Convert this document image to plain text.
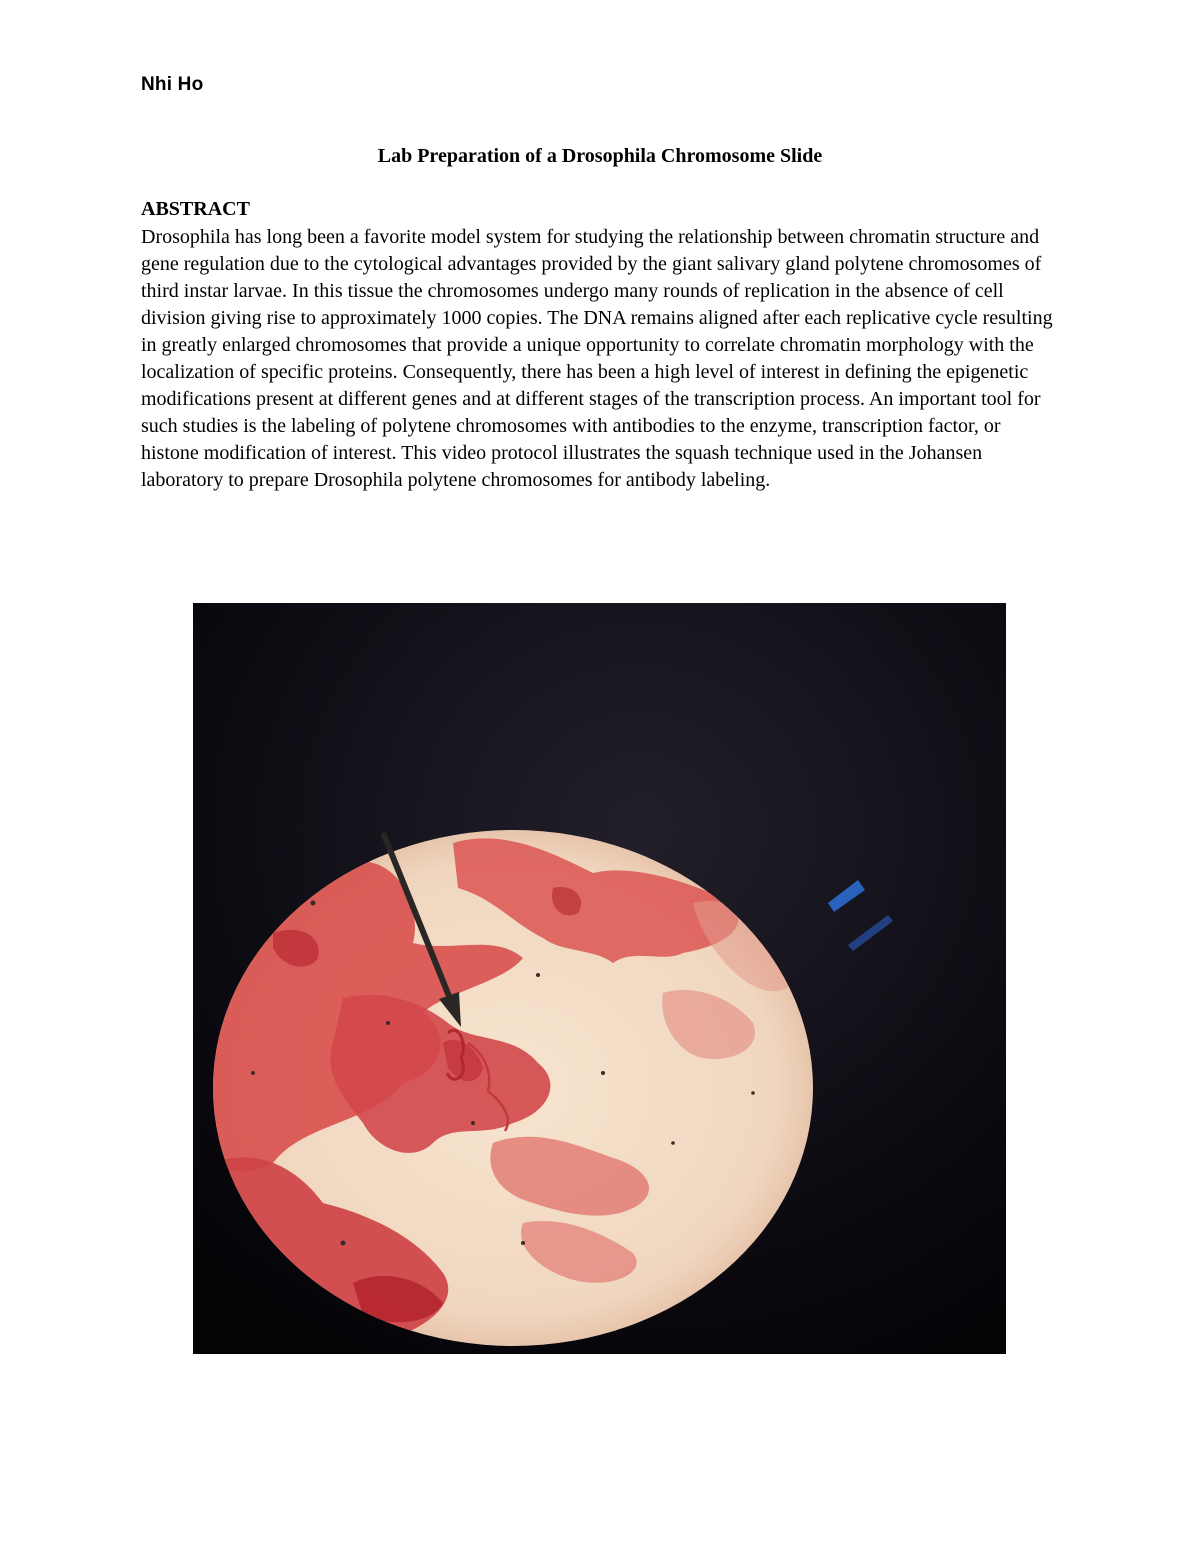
Nhi Ho
Lab Preparation of a Drosophila Chromosome Slide
ABSTRACT
Drosophila has long been a favorite model system for studying the relationship between chromatin structure and gene regulation due to the cytological advantages provided by the giant salivary gland polytene chromosomes of third instar larvae. In this tissue the chromosomes undergo many rounds of replication in the absence of cell division giving rise to approximately 1000 copies. The DNA remains aligned after each replicative cycle resulting in greatly enlarged chromosomes that provide a unique opportunity to correlate chromatin morphology with the localization of specific proteins. Consequently, there has been a high level of interest in defining the epigenetic modifications present at different genes and at different stages of the transcription process. An important tool for such studies is the labeling of polytene chromosomes with antibodies to the enzyme, transcription factor, or histone modification of interest. This video protocol illustrates the squash technique used in the Johansen laboratory to prepare Drosophila polytene chromosomes for antibody labeling.
